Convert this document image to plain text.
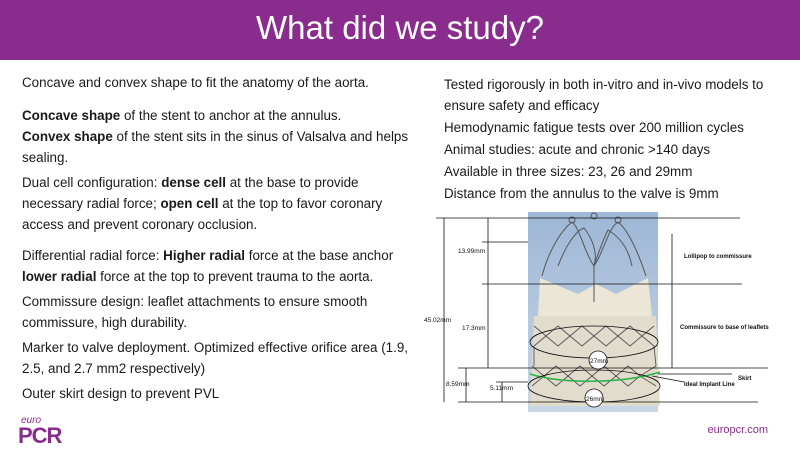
What did we study?

Concave and convex shape to fit the anatomy of the aorta.

Concave shape of the stent to anchor at the annulus.

Convex shape of the stent sits in the sinus of Valsalva and helps sealing.

Dual cell configuration: dense cell at the base to provide necessary radial force; open cell at the top to favor coronary access and prevent coronary occlusion.

Differential radial force: Higher radial force at the base anchor lower radial force at the top to prevent trauma to the aorta.

Commissure design: leaflet attachments to ensure smooth commissure, high durability.

Marker to valve deployment. Optimized effective orifice area (1.9, 2.5, and 2.7 mm2 respectively)

Outer skirt design to prevent PVL

Tested rigorously in both in-vitro and in-vivo models to ensure safety and efficacy

Hemodynamic fatigue tests over 200 million cycles

Animal studies: acute and chronic >140 days

Available in three sizes: 23, 26 and 29mm

Distance from the annulus to the valve is 9mm

13.99mm
17.3mm
45.02mm
8.59mm
5.11mm
27mm
26mm
Lollipop to commissure
Commissure to base of leaflets
Ideal Implant Line
Skirt
euro
PCR	europcr.com
